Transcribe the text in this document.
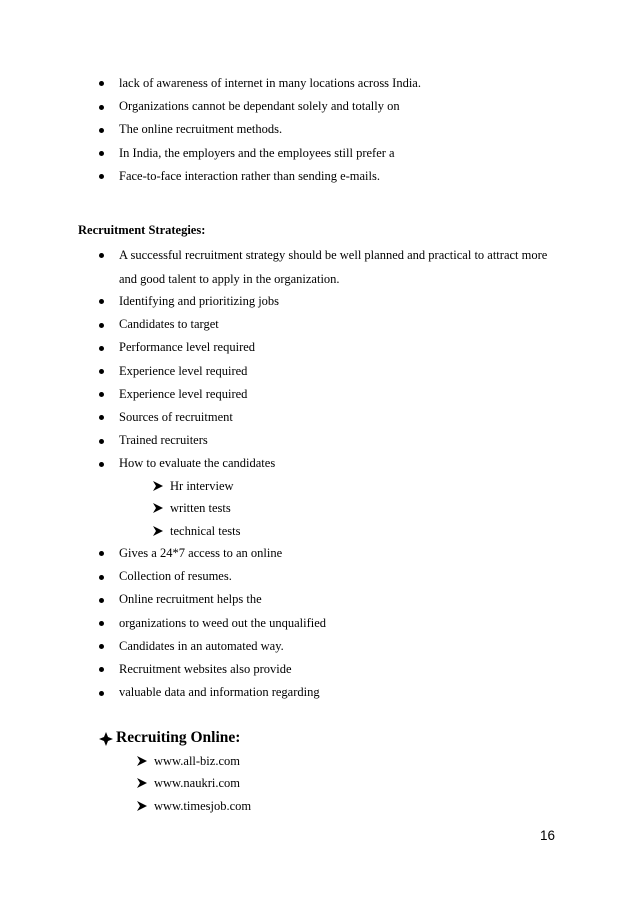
lack of awareness of internet in many locations across India.
Organizations cannot be dependant solely and totally on
The online recruitment methods.
In India, the employers and the employees still prefer a
Face-to-face interaction rather than sending e-mails.
Recruitment Strategies:
A successful recruitment strategy should be well planned and practical to attract more
and good talent to apply in the organization.
Identifying and prioritizing jobs
Candidates to target
Performance level required
Experience level required
Experience level required
Sources of recruitment
Trained recruiters
How to evaluate the candidates
Hr interview
written tests
technical tests
Gives a 24*7 access to an online
Collection of resumes.
Online recruitment helps the
organizations to weed out the unqualified
Candidates in an automated way.
Recruitment websites also provide
valuable data and information regarding
Recruiting Online:
www.all-biz.com
www.naukri.com
www.timesjob.com
16
